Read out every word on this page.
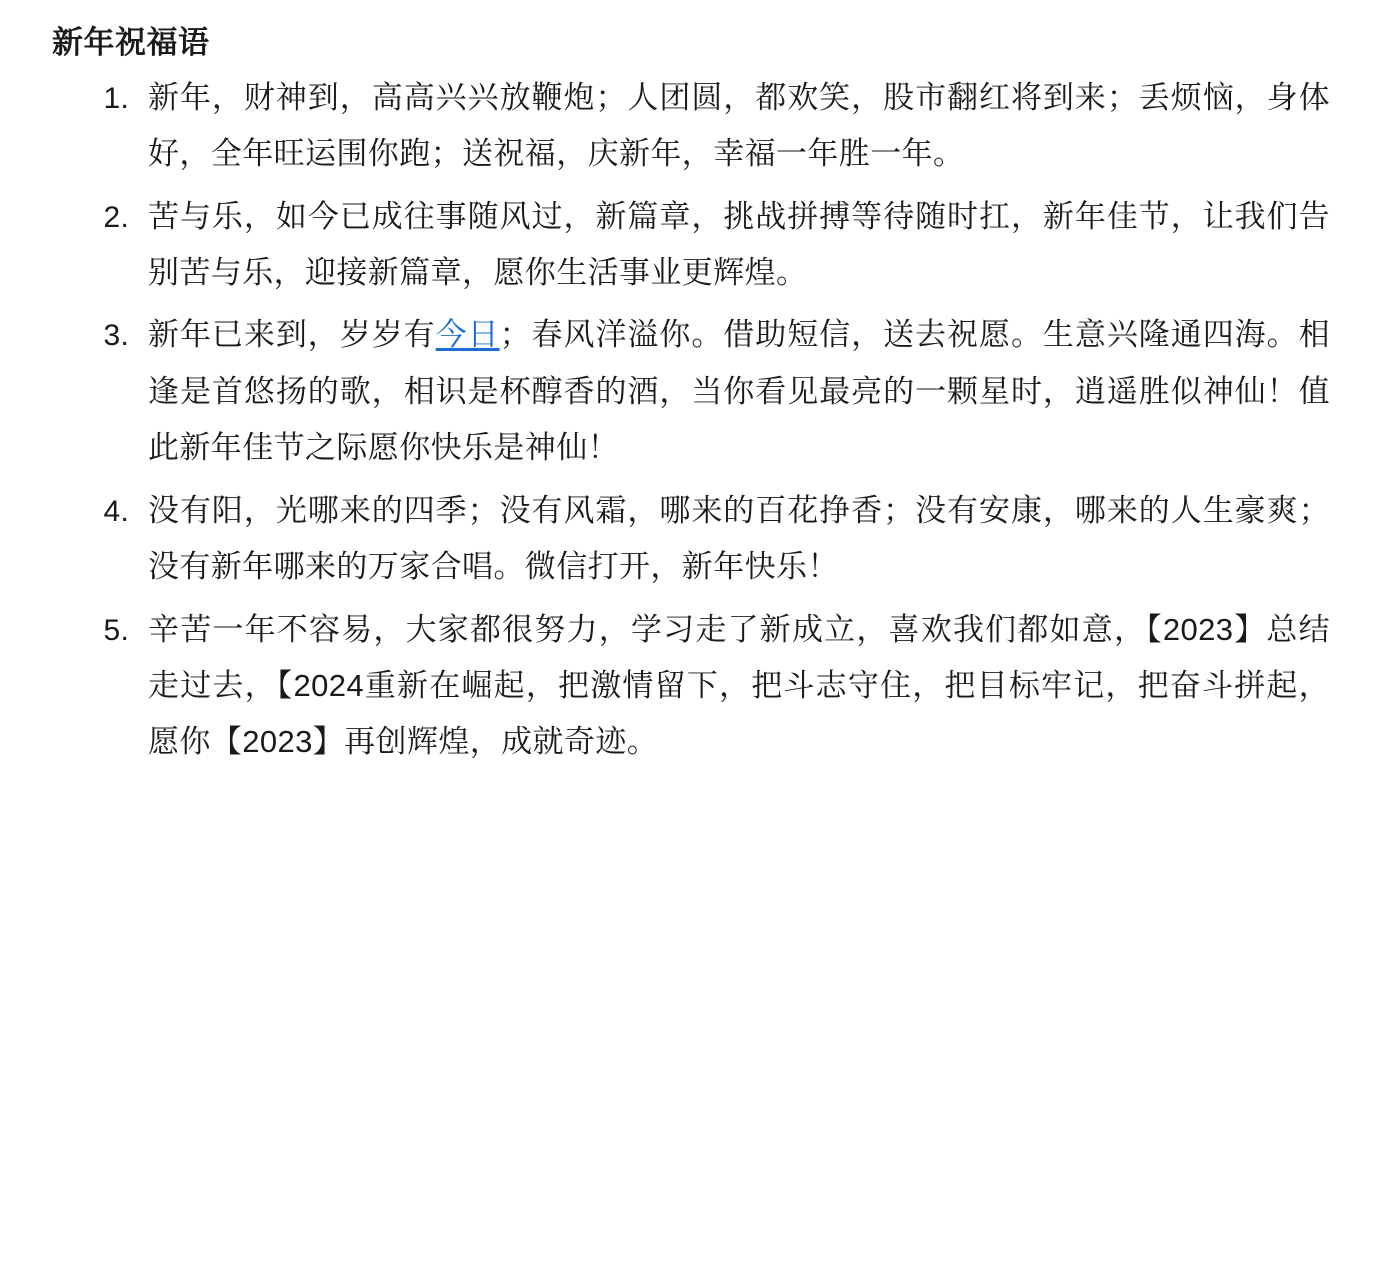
新年祝福语
1. 新年，财神到，高高兴兴放鞭炮；人团圆，都欢笑，股市翻红将到来；丢烦恼，身体好，全年旺运围你跑；送祝福，庆新年，幸福一年胜一年。
2. 苦与乐，如今已成往事随风过，新篇章，挑战拼搏等待随时扛，新年佳节，让我们告别苦与乐，迎接新篇章，愿你生活事业更辉煌。
3. 新年已来到，岁岁有今日；春风洋溢你。借助短信，送去祝愿。生意兴隆通四海。相逢是首悠扬的歌，相识是杯醇香的酒，当你看见最亮的一颗星时，逍遥胜似神仙！值此新年佳节之际愿你快乐是神仙！
4. 没有阳，光哪来的四季；没有风霜，哪来的百花挣香；没有安康，哪来的人生豪爽；没有新年哪来的万家合唱。微信打开，新年快乐！
5. 辛苦一年不容易，大家都很努力，学习走了新成立，喜欢我们都如意，【2023】总结走过去，【2024重新在崛起，把激情留下，把斗志守住，把目标牢记，把奋斗拼起，愿你【2023】再创辉煌，成就奇迹。
